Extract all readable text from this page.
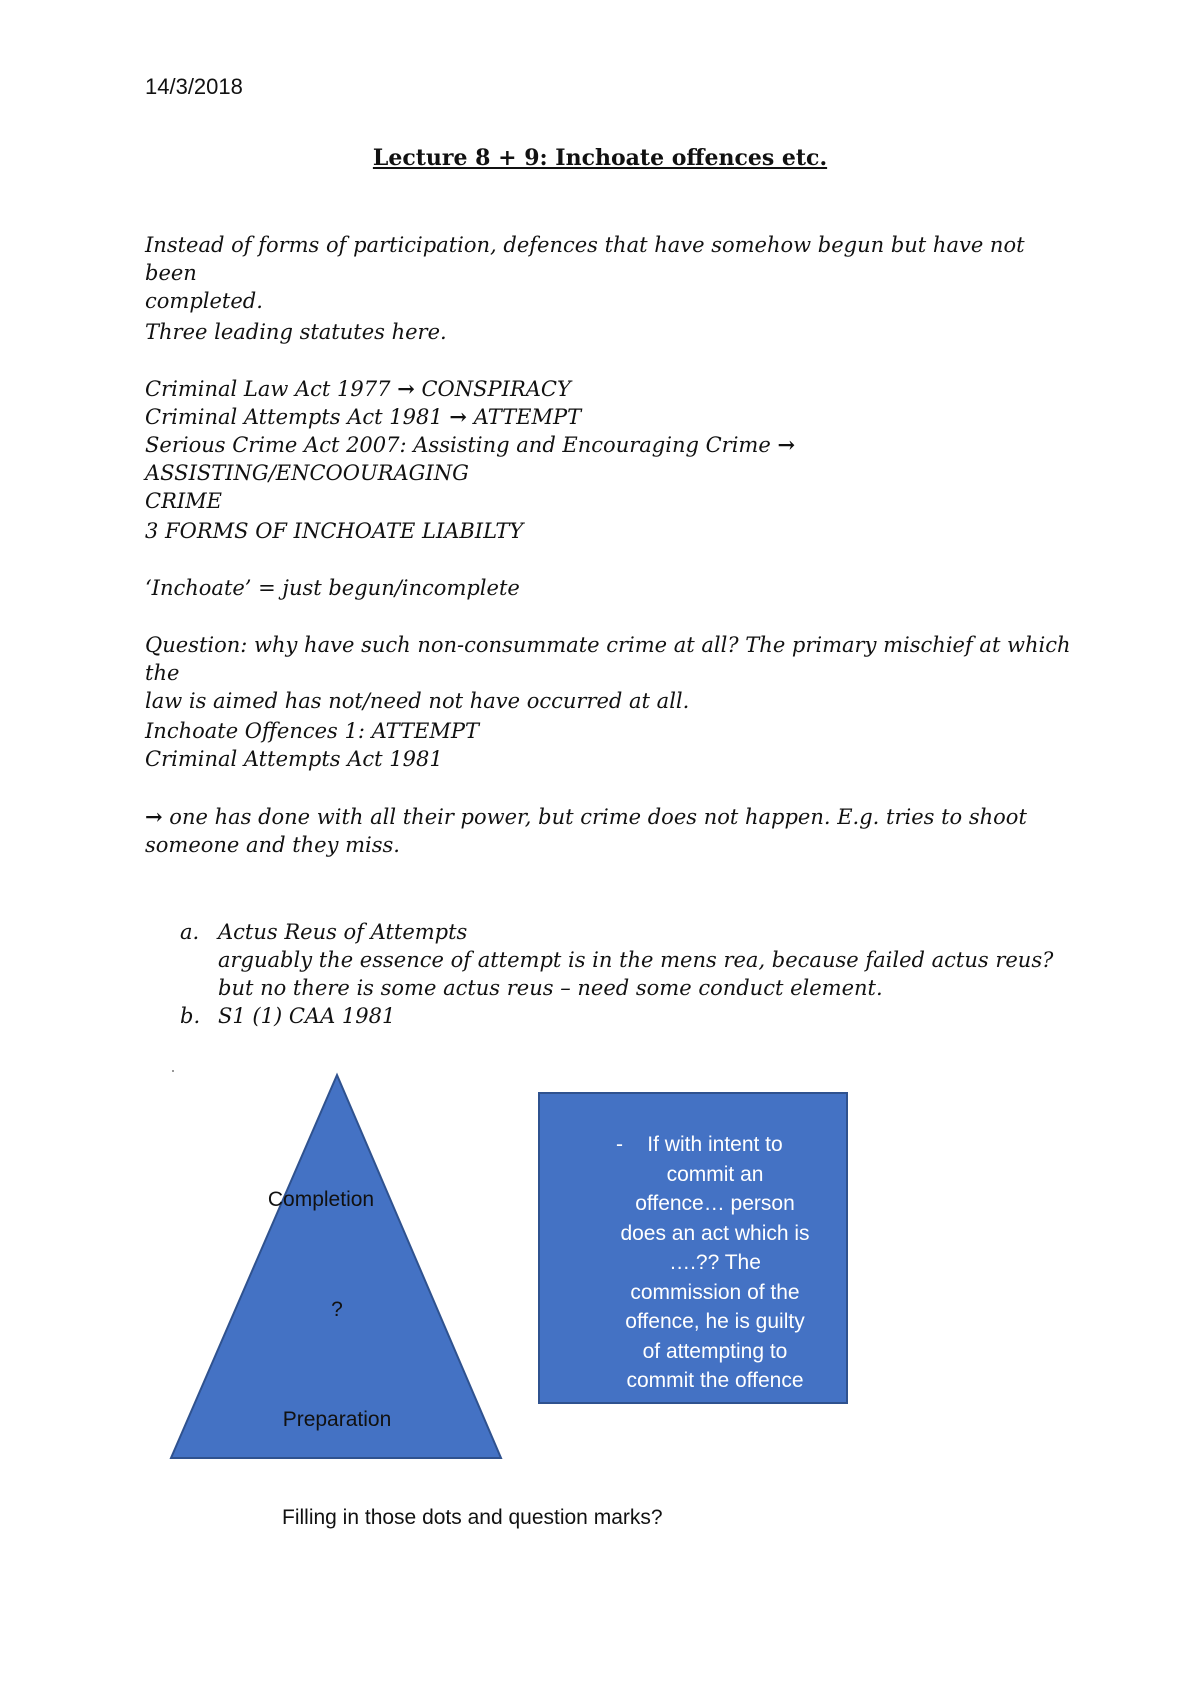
14/3/2018
Lecture 8 + 9: Inchoate offences etc.
Instead of forms of participation, defences that have somehow begun but have not been
completed.
Three leading statutes here.
Criminal Law Act 1977 → CONSPIRACY
Criminal Attempts Act 1981 → ATTEMPT
Serious Crime Act 2007: Assisting and Encouraging Crime → ASSISTING/ENCOOURAGING
CRIME
3 FORMS OF INCHOATE LIABILTY
‘Inchoate’ = just begun/incomplete
Question: why have such non-consummate crime at all? The primary mischief at which the
law is aimed has not/need not have occurred at all.
Inchoate Offences 1: ATTEMPT
Criminal Attempts Act 1981
→ one has done with all their power, but crime does not happen. E.g. tries to shoot
someone and they miss.
a. Actus Reus of Attempts
arguably the essence of attempt is in the mens rea, because failed actus reus?
but no there is some actus reus – need some conduct element.
b. S1 (1) CAA 1981
Completion
?
Preparation
-	If with intent to commit an offence… person does an act which is ….?? The commission of the offence, he is guilty of attempting to commit the offence
Filling in those dots and question marks?
